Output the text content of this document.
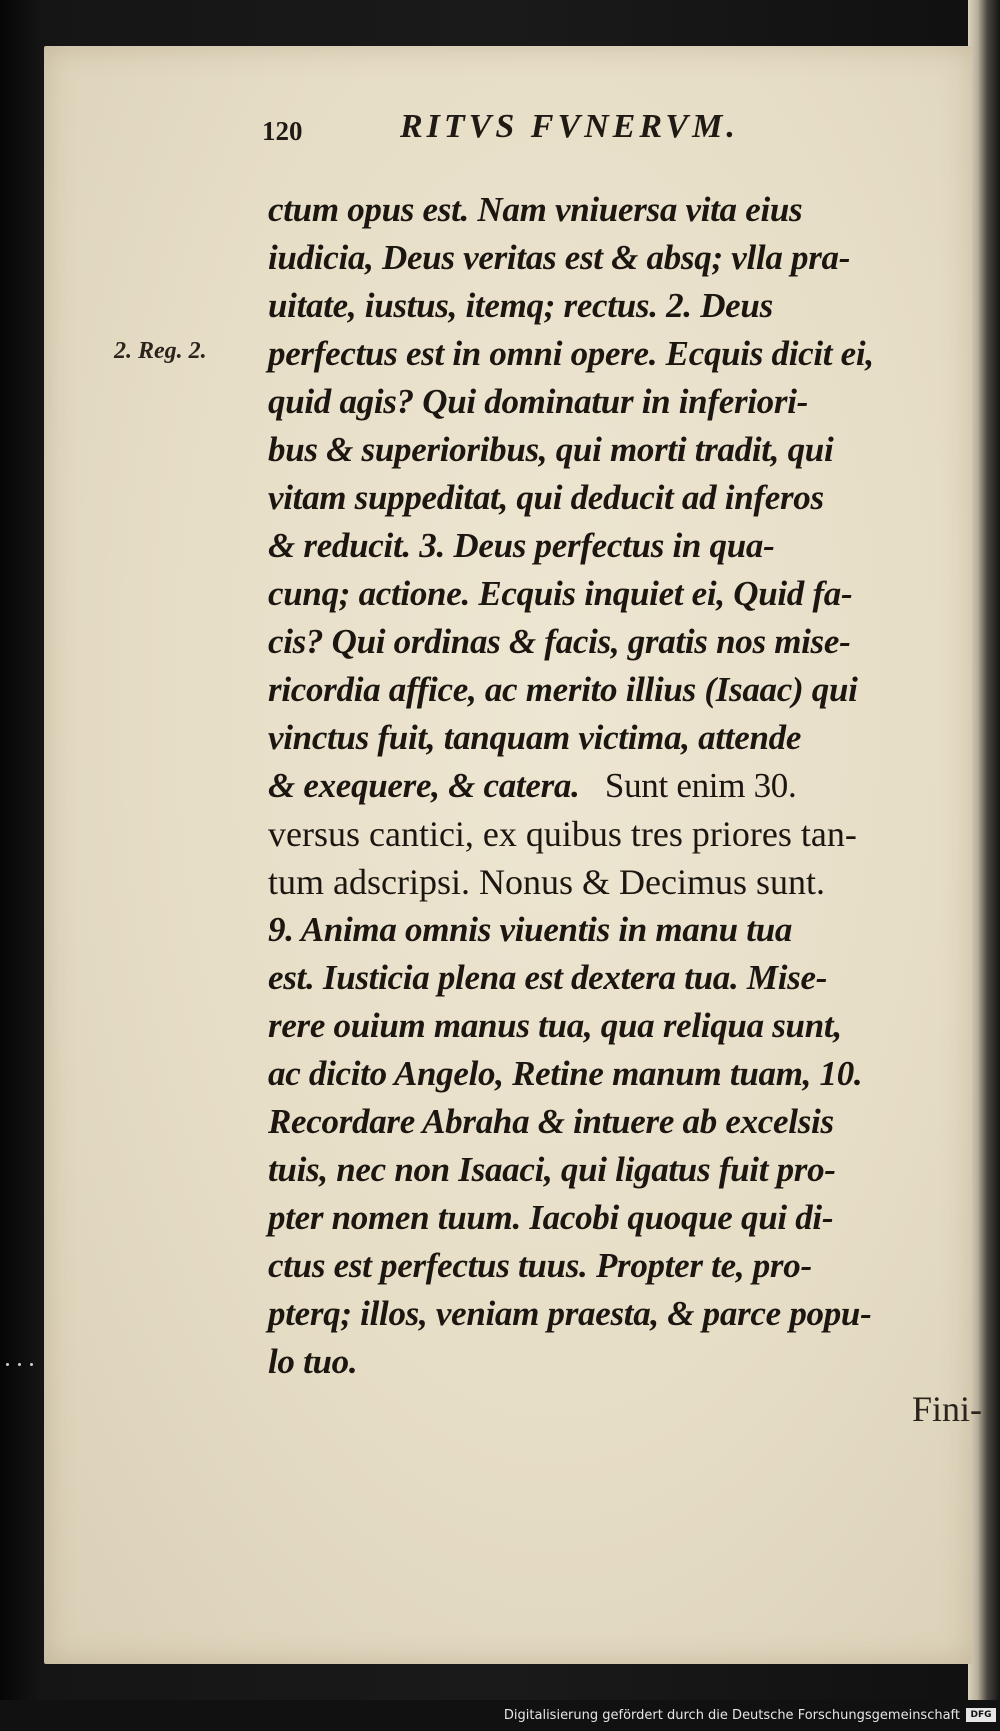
120	RITVS FVNERVM.
2. Reg. 2.
ctum opus est. Nam vniuersa vita eius
iudicia, Deus veritas est & absq; vlla pra-
uitate, iustus, itemq; rectus. 2. Deus
perfectus est in omni opere. Ecquis dicit ei,
quid agis? Qui dominatur in inferiori-
bus & superioribus, qui morti tradit, qui
vitam suppeditat, qui deducit ad inferos
& reducit. 3. Deus perfectus in qua-
cunq; actione. Ecquis inquiet ei, Quid fa-
cis? Qui ordinas & facis, gratis nos mise-
ricordia affice, ac merito illius (Isaac) qui
vinctus fuit, tanquam victima, attende
& exequere, & catera. Sunt enim 30.
versus cantici, ex quibus tres priores tan-
tum adscripsi. Nonus & Decimus sunt.
9. Anima omnis viuentis in manu tua
est. Iusticia plena est dextera tua. Mise-
rere ouium manus tua, qua reliqua sunt,
ac dicito Angelo, Retine manum tuam, 10.
Recordare Abraha & intuere ab excelsis
tuis, nec non Isaaci, qui ligatus fuit pro-
pter nomen tuum. Iacobi quoque qui di-
ctus est perfectus tuus. Propter te, pro-
pterq; illos, veniam praesta, & parce popu-
lo tuo.
Fini-
Digitalisierung gefördert durch die Deutsche Forschungsgemeinschaft	DFG
